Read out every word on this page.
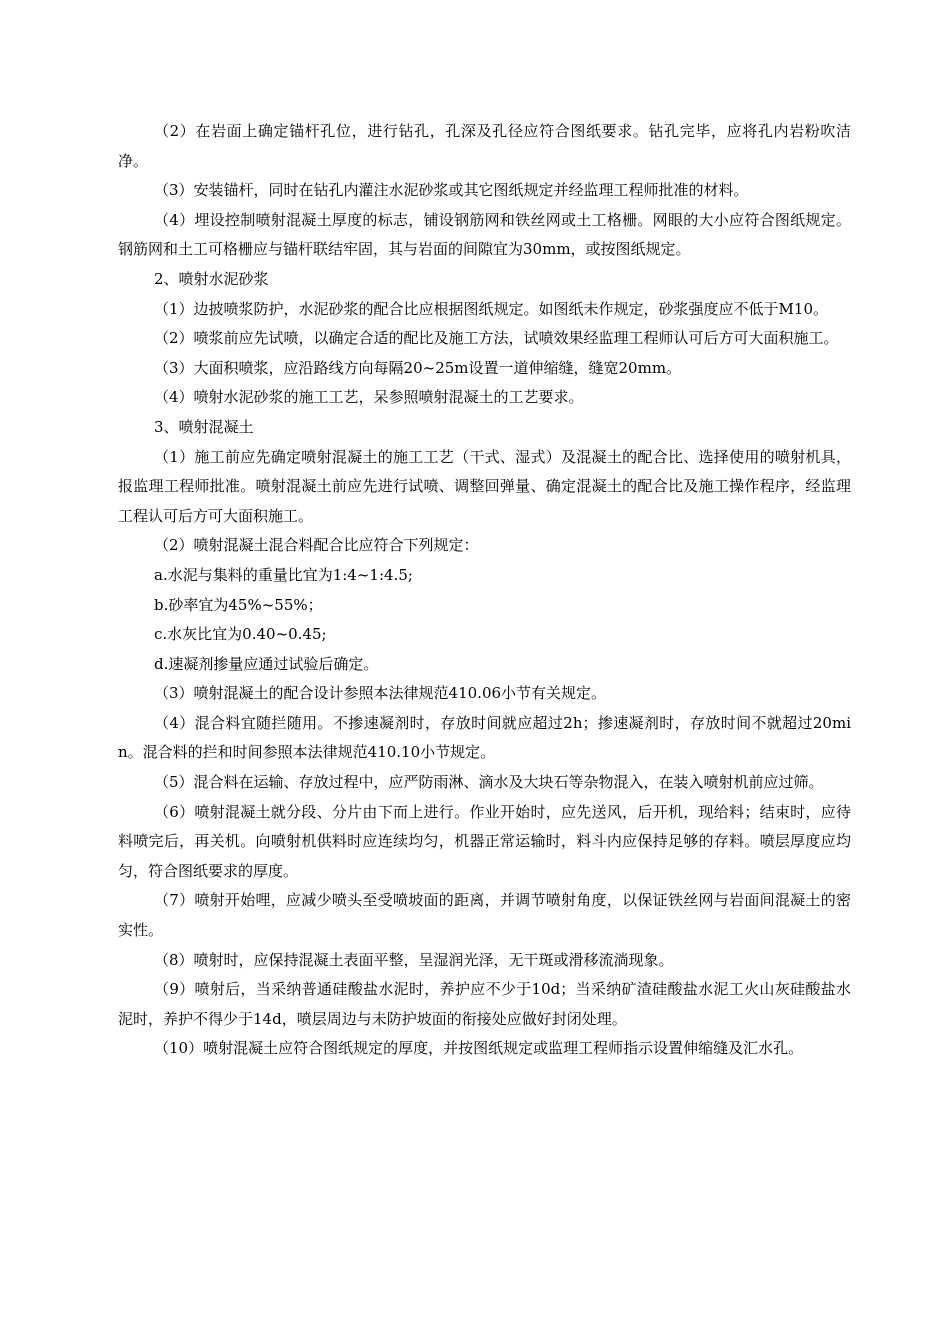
（2）在岩面上确定锚杆孔位，进行钻孔，孔深及孔径应符合图纸要求。钻孔完毕，应将孔内岩粉吹洁净。

（3）安装锚杆，同时在钻孔内灌注水泥砂浆或其它图纸规定并经监理工程师批准的材料。

（4）埋设控制喷射混凝土厚度的标志，铺设钢筋网和铁丝网或土工格栅。网眼的大小应符合图纸规定。钢筋网和土工可格栅应与锚杆联结牢固，其与岩面的间隙宜为30mm，或按图纸规定。

2、喷射水泥砂浆

（1）边披喷浆防护，水泥砂浆的配合比应根据图纸规定。如图纸未作规定，砂浆强度应不低于M10。

（2）喷浆前应先试喷，以确定合适的配比及施工方法，试喷效果经监理工程师认可后方可大面积施工。

（3）大面积喷浆，应沿路线方向每隔20~25m设置一道伸缩缝，缝宽20mm。

（4）喷射水泥砂浆的施工工艺，呆参照喷射混凝土的工艺要求。

3、喷射混凝土

（1）施工前应先确定喷射混凝土的施工工艺（干式、湿式）及混凝土的配合比、选择使用的喷射机具，报监理工程师批准。喷射混凝土前应先进行试喷、调整回弹量、确定混凝土的配合比及施工操作程序，经监理工程认可后方可大面积施工。

（2）喷射混凝土混合料配合比应符合下列规定：

a.水泥与集料的重量比宜为1:4~1:4.5;

b.砂率宜为45%~55%；

c.水灰比宜为0.40~0.45;

d.速凝剂掺量应通过试验后确定。

（3）喷射混凝土的配合设计参照本法律规范410.06小节有关规定。

（4）混合料宜随拦随用。不掺速凝剂时，存放时间就应超过2h；掺速凝剂时，存放时间不就超过20min。混合料的拦和时间参照本法律规范410.10小节规定。

（5）混合料在运输、存放过程中，应严防雨淋、滴水及大块石等杂物混入，在装入喷射机前应过筛。

（6）喷射混凝土就分段、分片由下而上进行。作业开始时，应先送风，后开机，现给料；结束时，应待料喷完后，再关机。向喷射机供料时应连续均匀，机器正常运输时，料斗内应保持足够的存料。喷层厚度应均匀，符合图纸要求的厚度。

（7）喷射开始哩，应减少喷头至受喷坡面的距离，并调节喷射角度，以保证铁丝网与岩面间混凝土的密实性。

（8）喷射时，应保持混凝土表面平整，呈湿润光泽，无干斑或滑移流淌现象。

（9）喷射后，当采纳普通硅酸盐水泥时，养护应不少于10d；当采纳矿渣硅酸盐水泥工火山灰硅酸盐水泥时，养护不得少于14d，喷层周边与未防护坡面的衔接处应做好封闭处理。

（10）喷射混凝土应符合图纸规定的厚度，并按图纸规定或监理工程师指示设置伸缩缝及汇水孔。
